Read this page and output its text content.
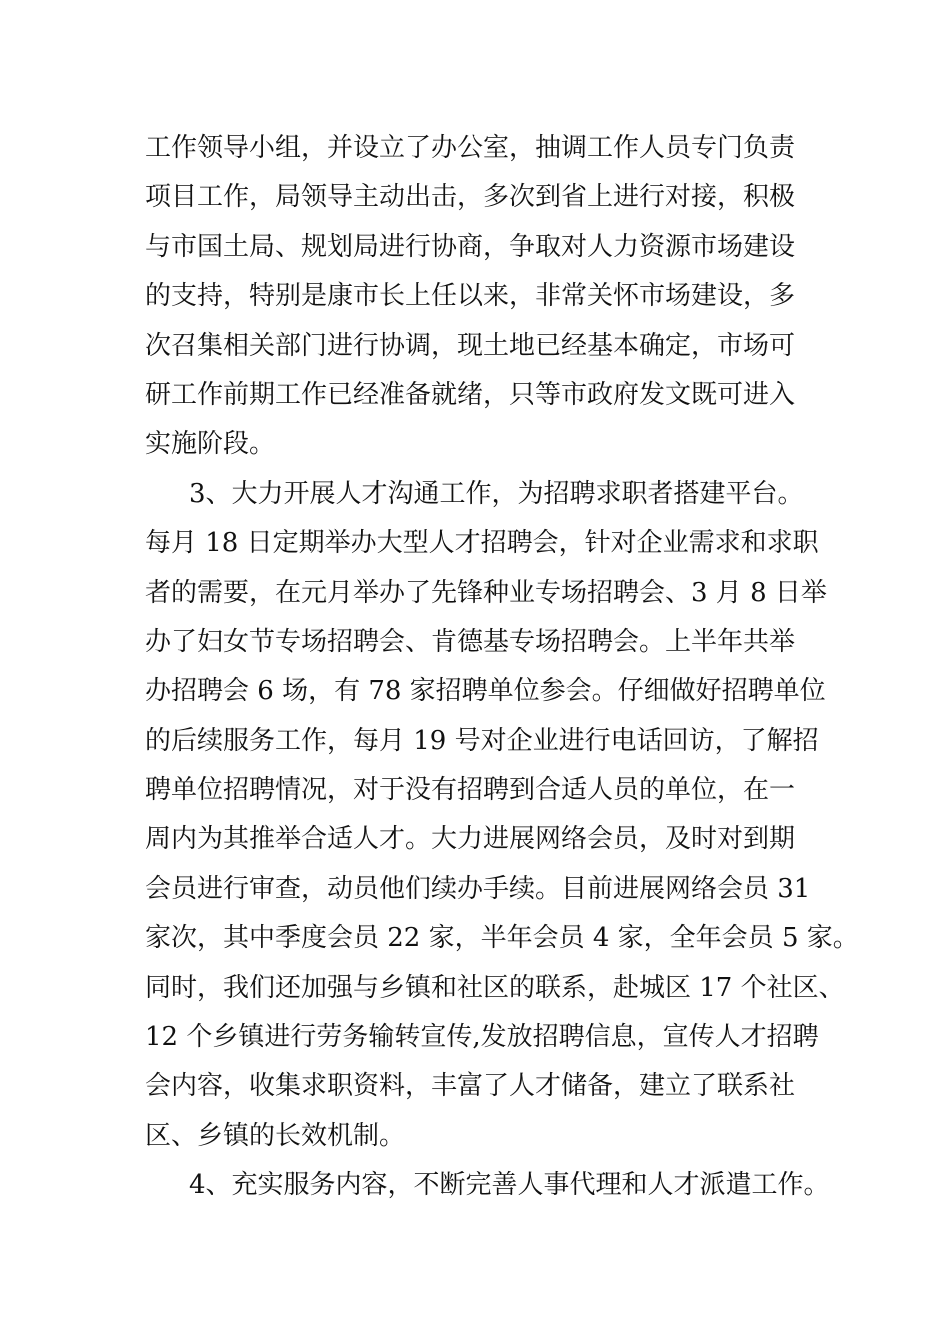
工作领导小组，并设立了办公室，抽调工作人员专门负责
项目工作，局领导主动出击，多次到省上进行对接，积极
与市国土局、规划局进行协商，争取对人力资源市场建设
的支持，特别是康市长上任以来，非常关怀市场建设，多
次召集相关部门进行协调，现土地已经基本确定，市场可
研工作前期工作已经准备就绪，只等市政府发文既可进入
实施阶段。
3、大力开展人才沟通工作，为招聘求职者搭建平台。
每月 18 日定期举办大型人才招聘会，针对企业需求和求职
者的需要，在元月举办了先锋种业专场招聘会、3 月 8 日举
办了妇女节专场招聘会、肯德基专场招聘会。上半年共举
办招聘会 6 场，有 78 家招聘单位参会。仔细做好招聘单位
的后续服务工作，每月 19 号对企业进行电话回访，了解招
聘单位招聘情况，对于没有招聘到合适人员的单位，在一
周内为其推举合适人才。大力进展网络会员，及时对到期
会员进行审查，动员他们续办手续。目前进展网络会员 31
家次，其中季度会员 22 家，半年会员 4 家，全年会员 5 家。
同时，我们还加强与乡镇和社区的联系，赴城区 17 个社区、
12 个乡镇进行劳务输转宣传,发放招聘信息，宣传人才招聘
会内容，收集求职资料，丰富了人才储备，建立了联系社
区、乡镇的长效机制。
4、充实服务内容，不断完善人事代理和人才派遣工作。
